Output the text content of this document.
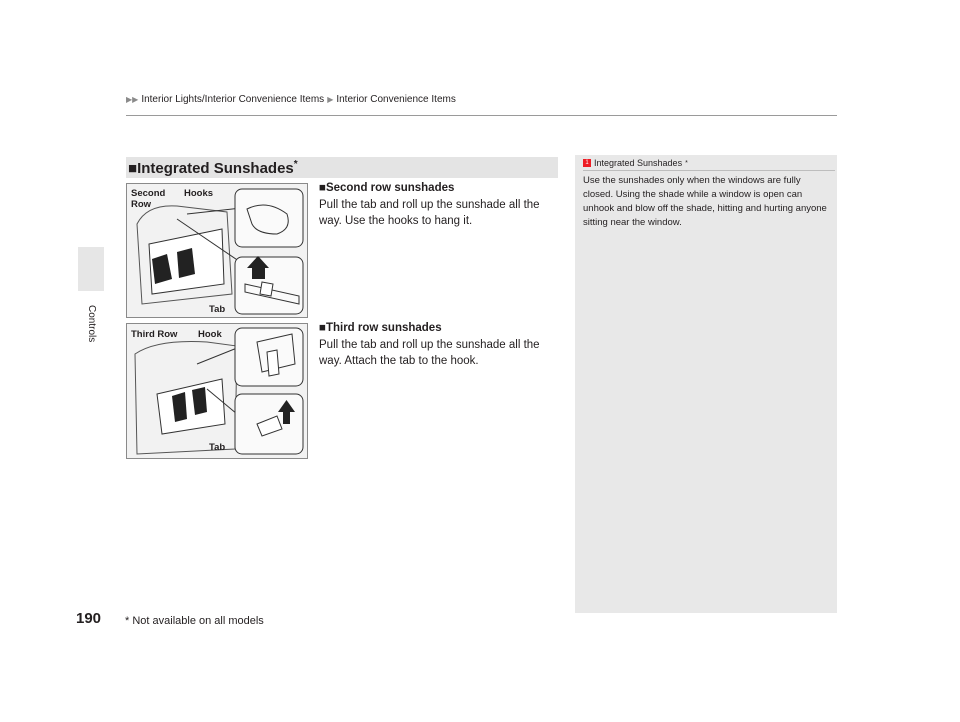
▶▶ Interior Lights/Interior Convenience Items ▶ Interior Convenience Items
Controls
■Integrated Sunshades*
Second Row
Hooks
Tab
■Second row sunshades
Pull the tab and roll up the sunshade all the way. Use the hooks to hang it.
Third Row Hook
Tab
■Third row sunshades
Pull the tab and roll up the sunshade all the way. Attach the tab to the hook.
1 Integrated Sunshades *
Use the sunshades only when the windows are fully closed. Using the shade while a window is open can unhook and blow off the shade, hitting and hurting anyone sitting near the window.
190 * Not available on all models
